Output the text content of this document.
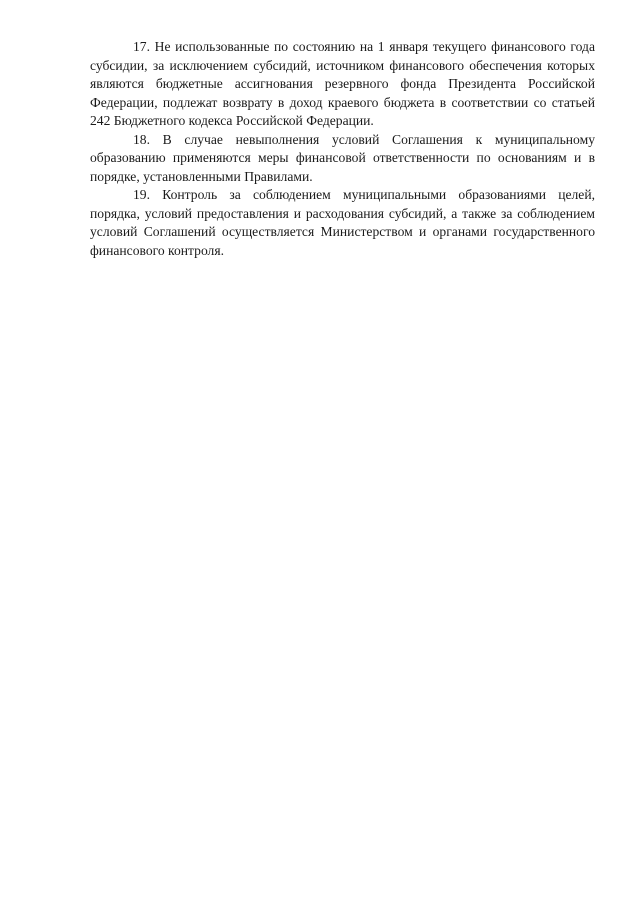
17. Не использованные по состоянию на 1 января текущего финансового года субсидии, за исключением субсидий, источником финансового обеспечения которых являются бюджетные ассигнования резервного фонда Президента Российской Федерации, подлежат возврату в доход краевого бюджета в соответствии со статьей 242 Бюджетного кодекса Российской Федерации.

18. В случае невыполнения условий Соглашения к муниципальному образованию применяются меры финансовой ответственности по основаниям и в порядке, установленными Правилами.

19. Контроль за соблюдением муниципальными образованиями целей, порядка, условий предоставления и расходования субсидий, а также за соблюдением условий Соглашений осуществляется Министерством и органами государственного финансового контроля.
